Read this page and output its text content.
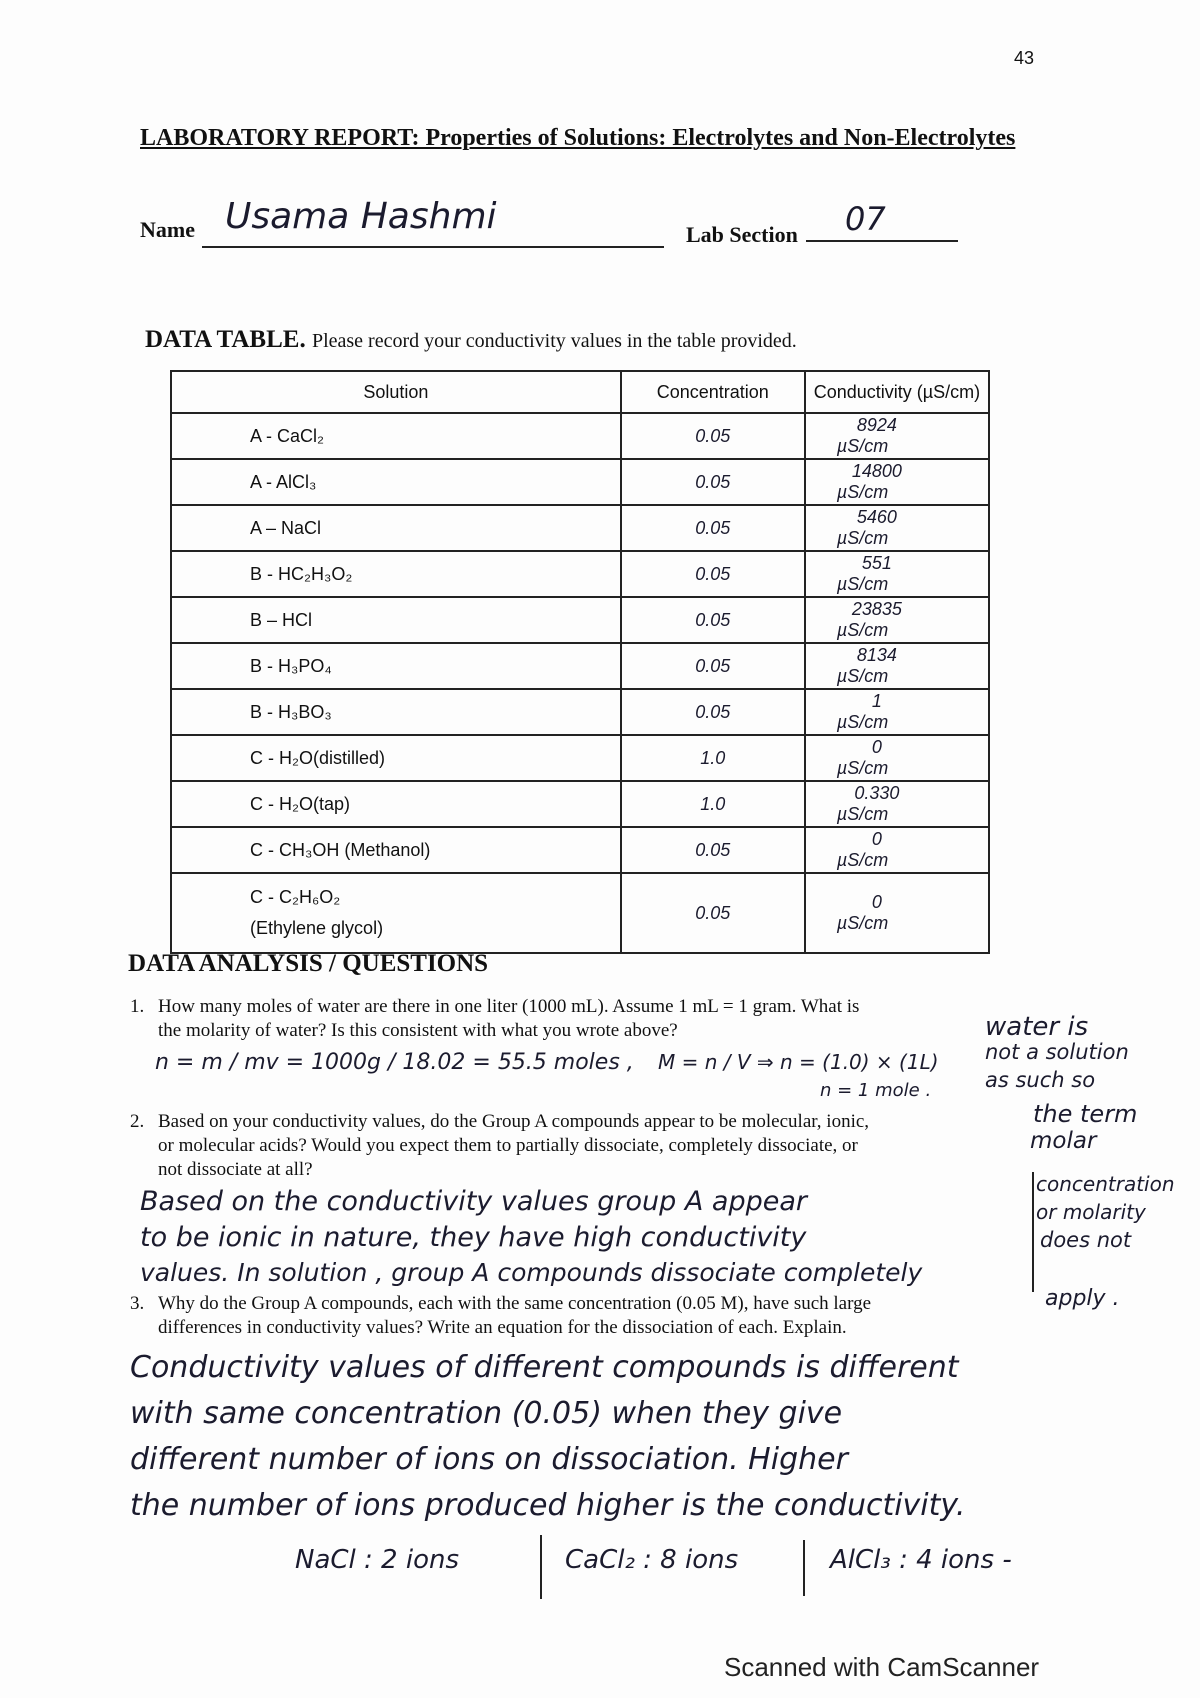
43
LABORATORY REPORT: Properties of Solutions: Electrolytes and Non-Electrolytes
Name Usama Hashmi	Lab Section 07
DATA TABLE. Please record your conductivity values in the table provided.
Solution	Concentration	Conductivity (µS/cm)

A - CaCl₂	0.05	8924µS/cm

A - AlCl₃	0.05	14800µS/cm

A – NaCl	0.05	5460µS/cm

B - HC₂H₃O₂	0.05	551µS/cm

B – HCl	0.05	23835µS/cm

B - H₃PO₄	0.05	8134µS/cm

B - H₃BO₃	0.05	1µS/cm

C - H₂O(distilled)	1.0	0µS/cm

C - H₂O(tap)	1.0	0.330µS/cm

C - CH₃OH (Methanol)	0.05	0µS/cm

C - C₂H₆O₂
(Ethylene glycol)	0.05	0µS/cm
DATA ANALYSIS / QUESTIONS
1. How many moles of water are there in one liter (1000 mL). Assume 1 mL = 1 gram. What is
the molarity of water? Is this consistent with what you wrote above?
n = m / mv = 1000g / 18.02 = 55.5 moles , M = n / V ⇒ n = (1.0) × (1L)
n = 1 mole .
water is
not a solution
as such so
the term
molar
concentration
or molarity
does not
apply .
2. Based on your conductivity values, do the Group A compounds appear to be molecular, ionic,
or molecular acids? Would you expect them to partially dissociate, completely dissociate, or
not dissociate at all?
Based on the conductivity values group A appear
to be ionic in nature, they have high conductivity
values. In solution , group A compounds dissociate completely
3. Why do the Group A compounds, each with the same concentration (0.05 M), have such large
differences in conductivity values? Write an equation for the dissociation of each. Explain.
Conductivity values of different compounds is different
with same concentration (0.05) when they give
different number of ions on dissociation. Higher
the number of ions produced higher is the conductivity.
NaCl : 2 ions	CaCl₂ : 8 ions	AlCl₃ : 4 ions -
Scanned with CamScanner
